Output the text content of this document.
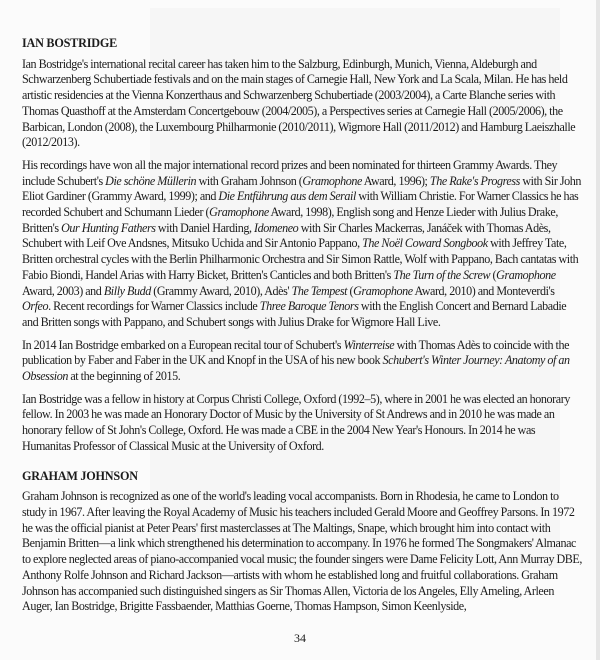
IAN BOSTRIDGE

Ian Bostridge's international recital career has taken him to the Salzburg, Edinburgh, Munich, Vienna, Aldeburgh and Schwarzenberg Schubertiade festivals and on the main stages of Carnegie Hall, New York and La Scala, Milan. He has held artistic residencies at the Vienna Konzerthaus and Schwarzenberg Schubertiade (2003/2004), a Carte Blanche series with Thomas Quasthoff at the Amsterdam Concertgebouw (2004/2005), a Perspectives series at Carnegie Hall (2005/2006), the Barbican, London (2008), the Luxembourg Philharmonie (2010/2011), Wigmore Hall (2011/2012) and Hamburg Laeiszhalle (2012/2013).

His recordings have won all the major international record prizes and been nominated for thirteen Grammy Awards. They include Schubert's Die schöne Müllerin with Graham Johnson (Gramophone Award, 1996); The Rake's Progress with Sir John Eliot Gardiner (Grammy Award, 1999); and Die Entführung aus dem Serail with William Christie. For Warner Classics he has recorded Schubert and Schumann Lieder (Gramophone Award, 1998), English song and Henze Lieder with Julius Drake, Britten's Our Hunting Fathers with Daniel Harding, Idomeneo with Sir Charles Mackerras, Janáček with Thomas Adès, Schubert with Leif Ove Andsnes, Mitsuko Uchida and Sir Antonio Pappano, The Noël Coward Songbook with Jeffrey Tate, Britten orchestral cycles with the Berlin Philharmonic Orchestra and Sir Simon Rattle, Wolf with Pappano, Bach cantatas with Fabio Biondi, Handel Arias with Harry Bicket, Britten's Canticles and both Britten's The Turn of the Screw (Gramophone Award, 2003) and Billy Budd (Grammy Award, 2010), Adès' The Tempest (Gramophone Award, 2010) and Monteverdi's Orfeo. Recent recordings for Warner Classics include Three Baroque Tenors with the English Concert and Bernard Labadie and Britten songs with Pappano, and Schubert songs with Julius Drake for Wigmore Hall Live.

In 2014 Ian Bostridge embarked on a European recital tour of Schubert's Winterreise with Thomas Adès to coincide with the publication by Faber and Faber in the UK and Knopf in the USA of his new book Schubert's Winter Journey: Anatomy of an Obsession at the beginning of 2015.

Ian Bostridge was a fellow in history at Corpus Christi College, Oxford (1992–5), where in 2001 he was elected an honorary fellow. In 2003 he was made an Honorary Doctor of Music by the University of St Andrews and in 2010 he was made an honorary fellow of St John's College, Oxford. He was made a CBE in the 2004 New Year's Honours. In 2014 he was Humanitas Professor of Classical Music at the University of Oxford.

GRAHAM JOHNSON

Graham Johnson is recognized as one of the world's leading vocal accompanists. Born in Rhodesia, he came to London to study in 1967. After leaving the Royal Academy of Music his teachers included Gerald Moore and Geoffrey Parsons. In 1972 he was the official pianist at Peter Pears' first masterclasses at The Maltings, Snape, which brought him into contact with Benjamin Britten—a link which strengthened his determination to accompany. In 1976 he formed The Songmakers' Almanac to explore neglected areas of piano-accompanied vocal music; the founder singers were Dame Felicity Lott, Ann Murray DBE, Anthony Rolfe Johnson and Richard Jackson—artists with whom he established long and fruitful collaborations. Graham Johnson has accompanied such distinguished singers as Sir Thomas Allen, Victoria de los Angeles, Elly Ameling, Arleen Auger, Ian Bostridge, Brigitte Fassbaender, Matthias Goerne, Thomas Hampson, Simon Keenlyside,

34
